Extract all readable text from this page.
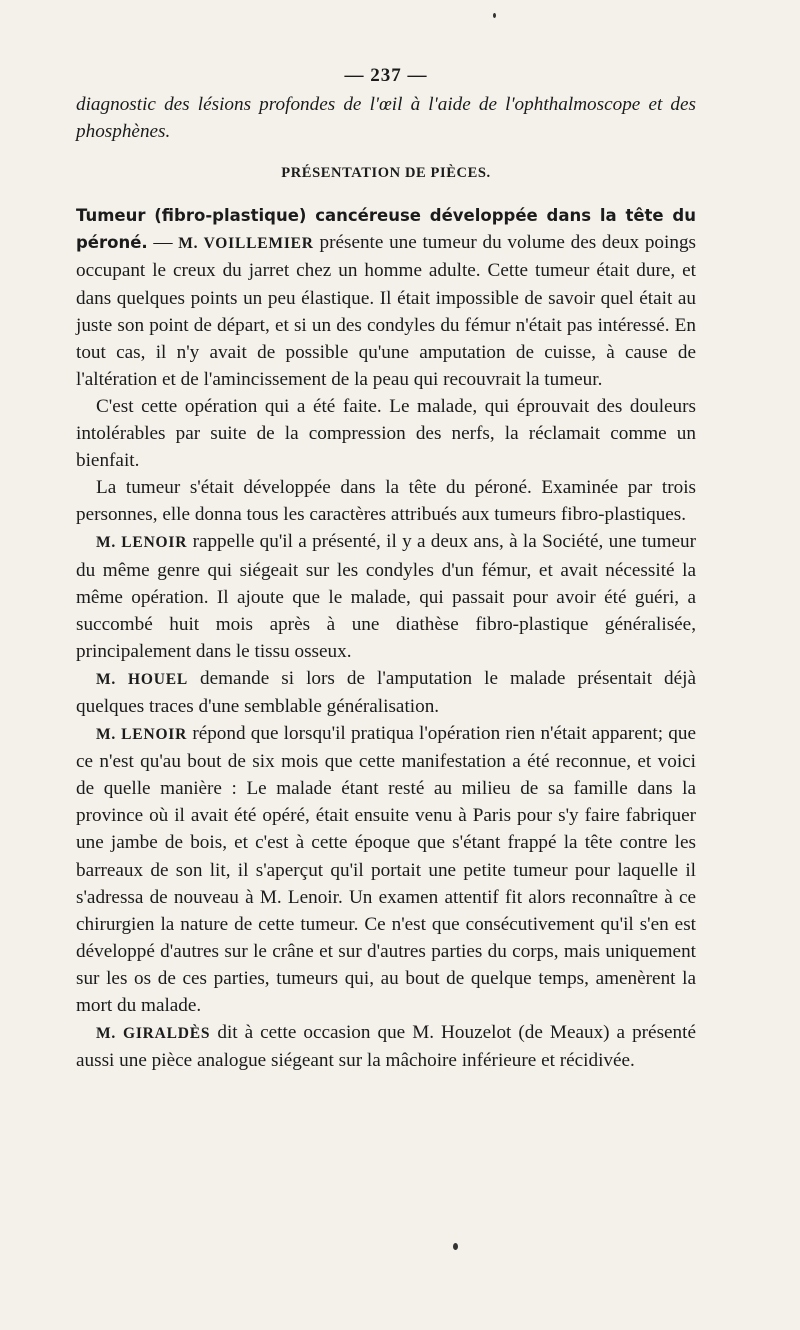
— 237 —

diagnostic des lésions profondes de l'œil à l'aide de l'ophthalmoscope et des phosphènes.

PRÉSENTATION DE PIÈCES.

Tumeur (fibro-plastique) cancéreuse développée dans la tête du péroné. — M. VOILLEMIER présente une tumeur du volume des deux poings occupant le creux du jarret chez un homme adulte. Cette tumeur était dure, et dans quelques points un peu élastique. Il était impossible de savoir quel était au juste son point de départ, et si un des condyles du fémur n'était pas intéressé. En tout cas, il n'y avait de possible qu'une amputation de cuisse, à cause de l'altération et de l'amincissement de la peau qui recouvrait la tumeur.

C'est cette opération qui a été faite. Le malade, qui éprouvait des douleurs intolérables par suite de la compression des nerfs, la réclamait comme un bienfait.

La tumeur s'était développée dans la tête du péroné. Examinée par trois personnes, elle donna tous les caractères attribués aux tumeurs fibro-plastiques.

M. LENOIR rappelle qu'il a présenté, il y a deux ans, à la Société, une tumeur du même genre qui siégeait sur les condyles d'un fémur, et avait nécessité la même opération. Il ajoute que le malade, qui passait pour avoir été guéri, a succombé huit mois après à une diathèse fibro-plastique généralisée, principalement dans le tissu osseux.

M. HOUEL demande si lors de l'amputation le malade présentait déjà quelques traces d'une semblable généralisation.

M. LENOIR répond que lorsqu'il pratiqua l'opération rien n'était apparent; que ce n'est qu'au bout de six mois que cette manifestation a été reconnue, et voici de quelle manière : Le malade étant resté au milieu de sa famille dans la province où il avait été opéré, était ensuite venu à Paris pour s'y faire fabriquer une jambe de bois, et c'est à cette époque que s'étant frappé la tête contre les barreaux de son lit, il s'aperçut qu'il portait une petite tumeur pour laquelle il s'adressa de nouveau à M. Lenoir. Un examen attentif fit alors reconnaître à ce chirurgien la nature de cette tumeur. Ce n'est que consécutivement qu'il s'en est développé d'autres sur le crâne et sur d'autres parties du corps, mais uniquement sur les os de ces parties, tumeurs qui, au bout de quelque temps, amenèrent la mort du malade.

M. GIRALDÈS dit à cette occasion que M. Houzelot (de Meaux) a présenté aussi une pièce analogue siégeant sur la mâchoire inférieure et récidivée.
